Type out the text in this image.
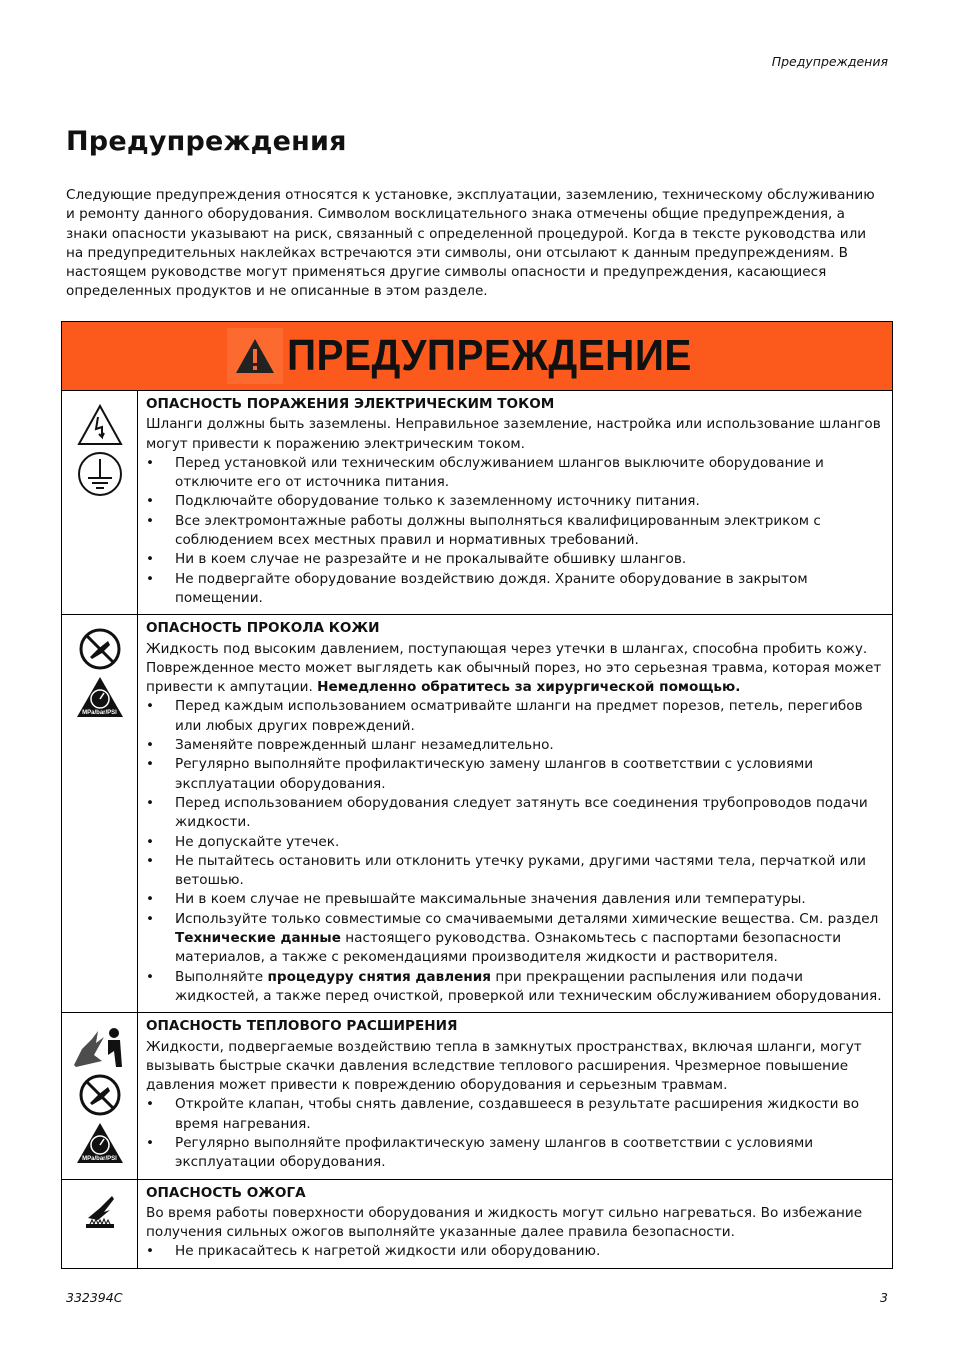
Предупреждения
Предупреждения

Следующие предупреждения относятся к установке, эксплуатации, заземлению, техническому обслуживанию и ремонту данного оборудования. Символом восклицательного знака отмечены общие предупреждения, а знаки опасности указывают на риск, связанный с определенной процедурой. Когда в тексте руководства или на предупредительных наклейках встречаются эти символы, они отсылают к данным предупреждениям. В настоящем руководстве могут применяться другие символы опасности и предупреждения, касающиеся определенных продуктов и не описанные в этом разделе.

ПРЕДУПРЕЖДЕНИЕ
ОПАСНОСТЬ ПОРАЖЕНИЯ ЭЛЕКТРИЧЕСКИМ ТОКОМ

Шланги должны быть заземлены. Неправильное заземление, настройка или использование шлангов могут привести к поражению электрическим током.

• Перед установкой или техническим обслуживанием шлангов выключите оборудование и отключите его от источника питания.
• Подключайте оборудование только к заземленному источнику питания.
• Все электромонтажные работы должны выполняться квалифицированным электриком с соблюдением всех местных правил и нормативных требований.
• Ни в коем случае не разрезайте и не прокалывайте обшивку шлангов.
• Не подвергайте оборудование воздействию дождя. Храните оборудование в закрытом помещении.
MPa/bar/PSI
ОПАСНОСТЬ ПРОКОЛА КОЖИ

Жидкость под высоким давлением, поступающая через утечки в шлангах, способна пробить кожу. Поврежденное место может выглядеть как обычный порез, но это серьезная травма, которая может привести к ампутации. Немедленно обратитесь за хирургической помощью.

• Перед каждым использованием осматривайте шланги на предмет порезов, петель, перегибов или любых других повреждений.
• Заменяйте поврежденный шланг незамедлительно.
• Регулярно выполняйте профилактическую замену шлангов в соответствии с условиями эксплуатации оборудования.
• Перед использованием оборудования следует затянуть все соединения трубопроводов подачи жидкости.
• Не допускайте утечек.
• Не пытайтесь остановить или отклонить утечку руками, другими частями тела, перчаткой или ветошью.
• Ни в коем случае не превышайте максимальные значения давления или температуры.
• Используйте только совместимые со смачиваемыми деталями химические вещества. См. раздел Технические данные настоящего руководства. Ознакомьтесь с паспортами безопасности материалов, а также с рекомендациями производителя жидкости и растворителя.
• Выполняйте процедуру снятия давления при прекращении распыления или подачи жидкостей, а также перед очисткой, проверкой или техническим обслуживанием оборудования.
MPa/bar/PSI
ОПАСНОСТЬ ТЕПЛОВОГО РАСШИРЕНИЯ

Жидкости, подвергаемые воздействию тепла в замкнутых пространствах, включая шланги, могут вызывать быстрые скачки давления вследствие теплового расширения. Чрезмерное повышение давления может привести к повреждению оборудования и серьезным травмам.

• Откройте клапан, чтобы снять давление, создавшееся в результате расширения жидкости во время нагревания.
• Регулярно выполняйте профилактическую замену шлангов в соответствии с условиями эксплуатации оборудования.
ОПАСНОСТЬ ОЖОГА

Во время работы поверхности оборудования и жидкость могут сильно нагреваться. Во избежание получения сильных ожогов выполняйте указанные далее правила безопасности.

• Не прикасайтесь к нагретой жидкости или оборудованию.
332394C	3
